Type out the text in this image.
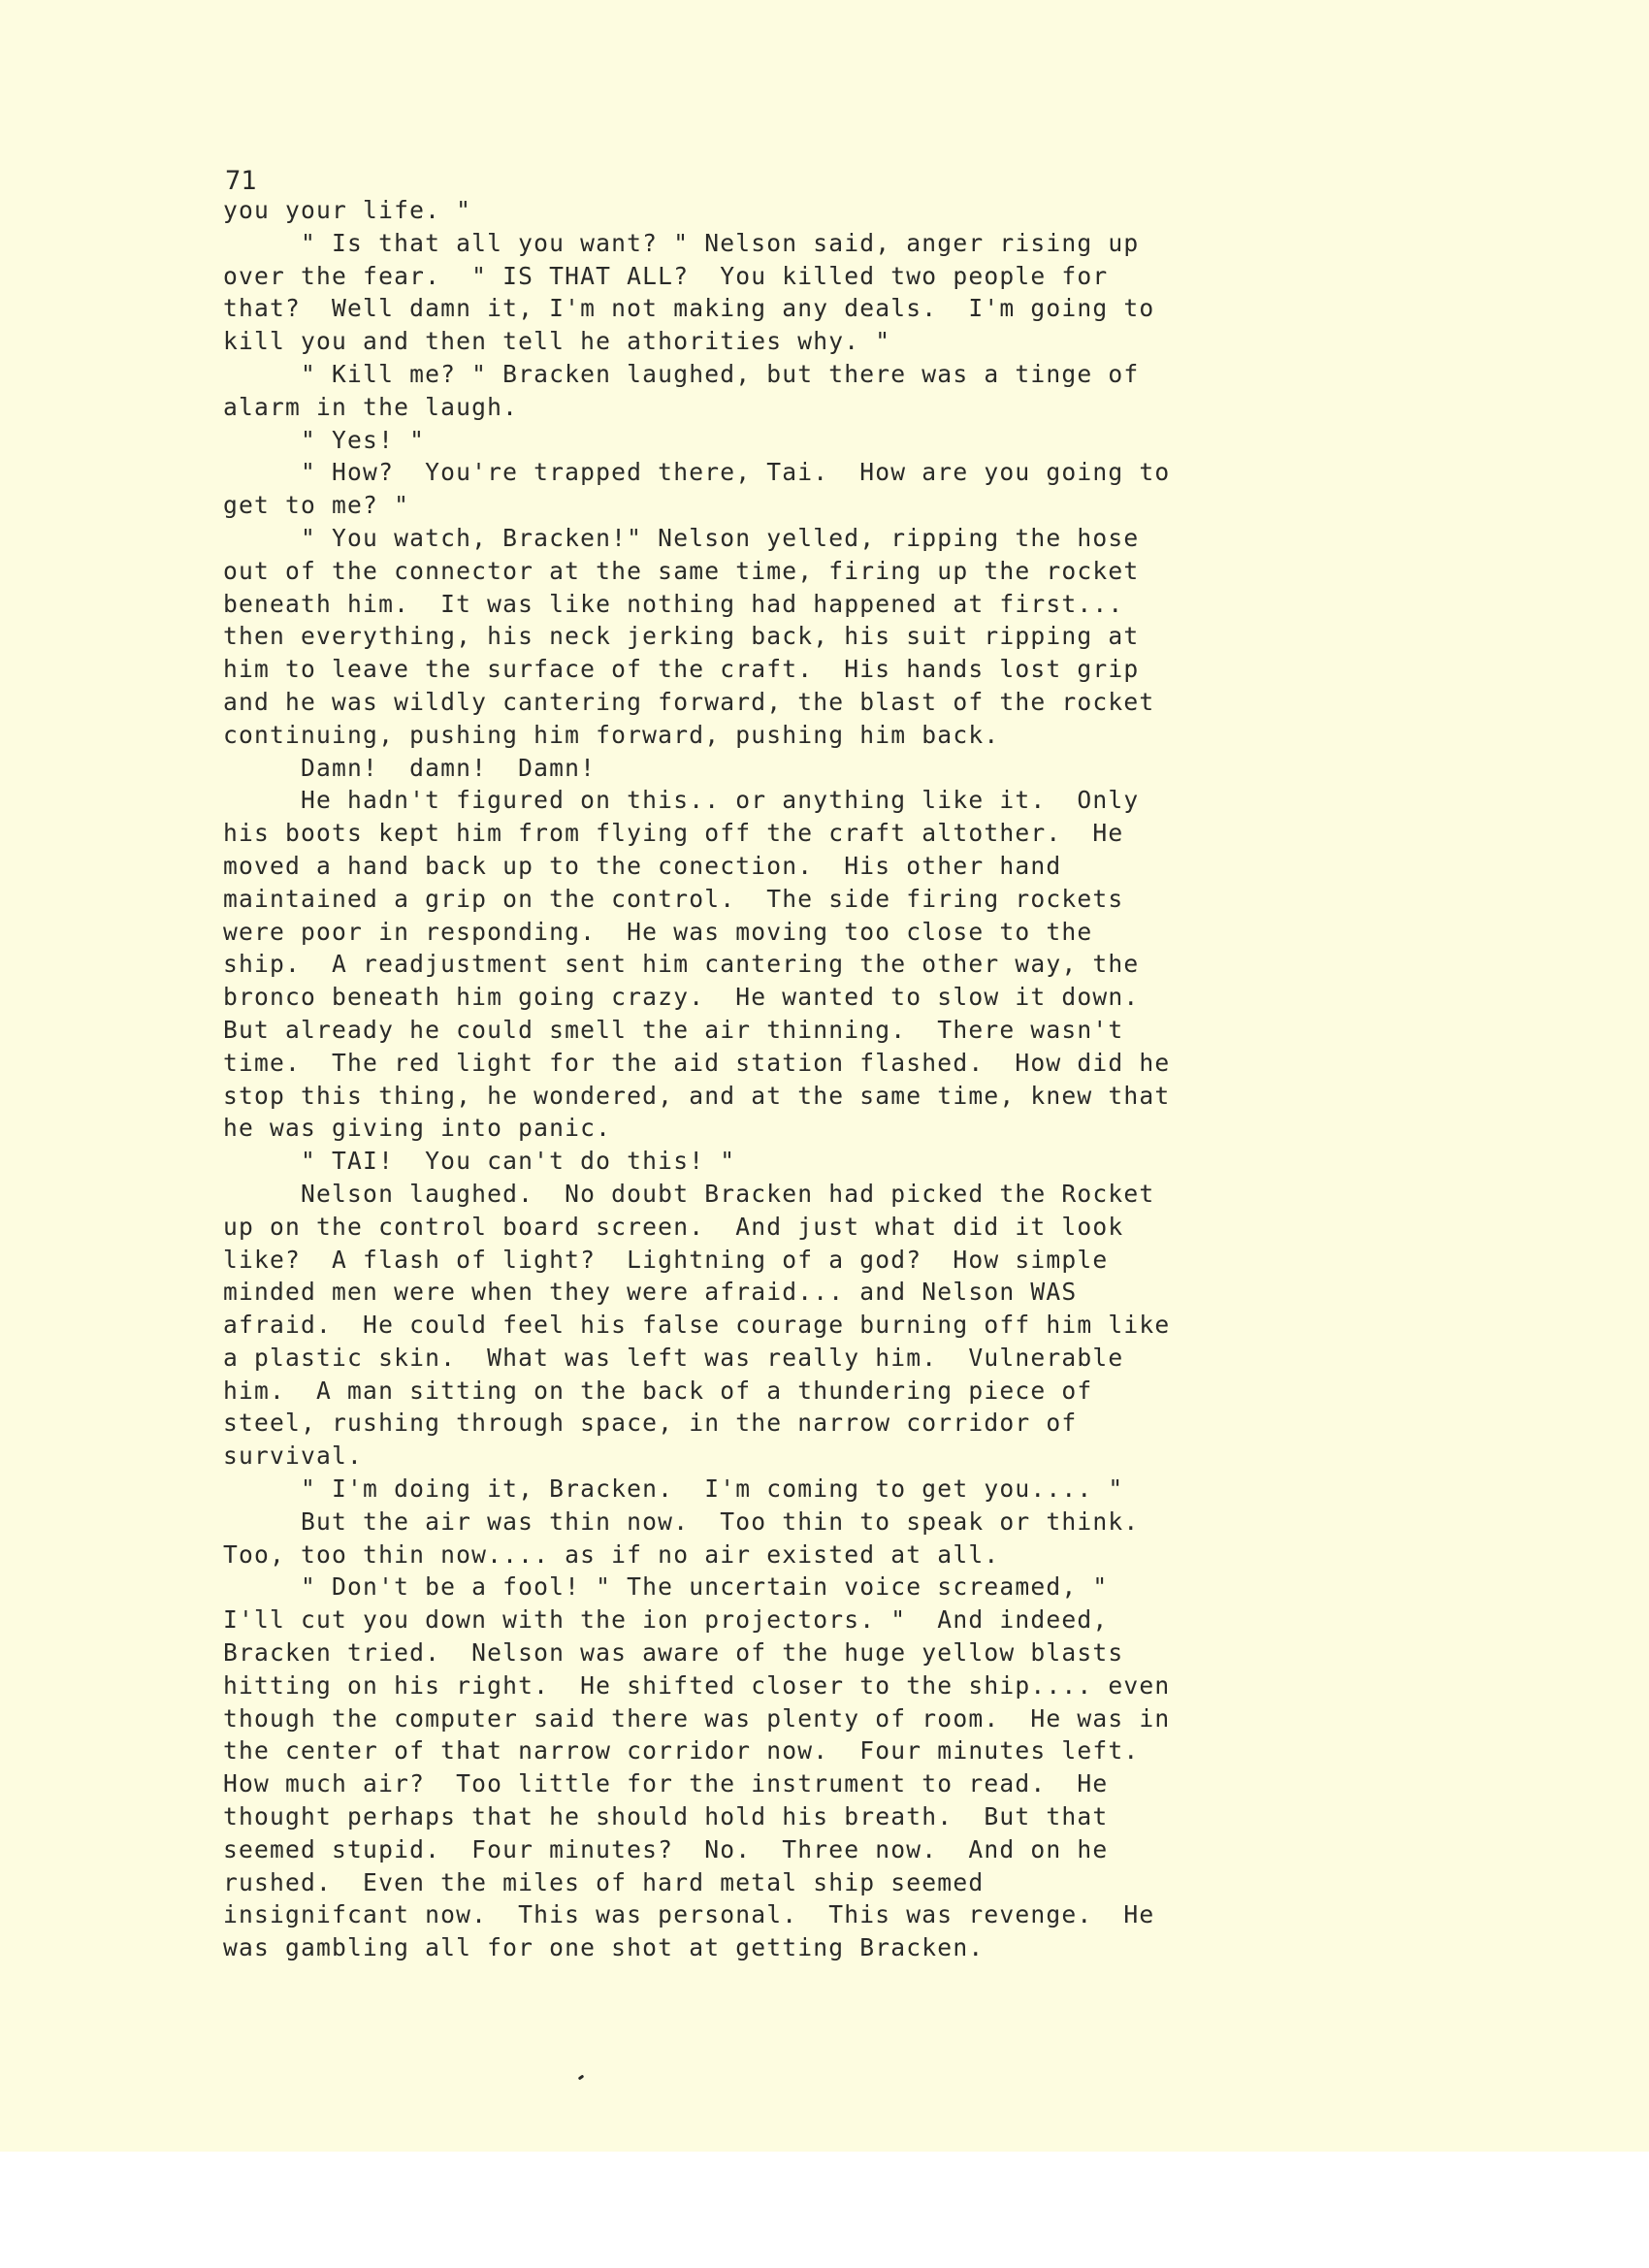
71

you your life. "
" Is that all you want? " Nelson said, anger rising up
over the fear.  " IS THAT ALL?  You killed two people for
that?  Well damn it, I'm not making any deals.  I'm going to
kill you and then tell he athorities why. "
" Kill me? " Bracken laughed, but there was a tinge of
alarm in the laugh.
" Yes! "
" How?  You're trapped there, Tai.  How are you going to
get to me? "
" You watch, Bracken!" Nelson yelled, ripping the hose
out of the connector at the same time, firing up the rocket
beneath him.  It was like nothing had happened at first...
then everything, his neck jerking back, his suit ripping at
him to leave the surface of the craft.  His hands lost grip
and he was wildly cantering forward, the blast of the rocket
continuing, pushing him forward, pushing him back.
Damn!  damn!  Damn!
He hadn't figured on this.. or anything like it.  Only
his boots kept him from flying off the craft altother.  He
moved a hand back up to the conection.  His other hand
maintained a grip on the control.  The side firing rockets
were poor in responding.  He was moving too close to the
ship.  A readjustment sent him cantering the other way, the
bronco beneath him going crazy.  He wanted to slow it down.
But already he could smell the air thinning.  There wasn't
time.  The red light for the aid station flashed.  How did he
stop this thing, he wondered, and at the same time, knew that
he was giving into panic.
" TAI!  You can't do this! "
Nelson laughed.  No doubt Bracken had picked the Rocket
up on the control board screen.  And just what did it look
like?  A flash of light?  Lightning of a god?  How simple
minded men were when they were afraid... and Nelson WAS
afraid.  He could feel his false courage burning off him like
a plastic skin.  What was left was really him.  Vulnerable
him.  A man sitting on the back of a thundering piece of
steel, rushing through space, in the narrow corridor of
survival.
" I'm doing it, Bracken.  I'm coming to get you.... "
But the air was thin now.  Too thin to speak or think.
Too, too thin now.... as if no air existed at all.
" Don't be a fool! " The uncertain voice screamed, "
I'll cut you down with the ion projectors. "  And indeed,
Bracken tried.  Nelson was aware of the huge yellow blasts
hitting on his right.  He shifted closer to the ship.... even
though the computer said there was plenty of room.  He was in
the center of that narrow corridor now.  Four minutes left.
How much air?  Too little for the instrument to read.  He
thought perhaps that he should hold his breath.  But that
seemed stupid.  Four minutes?  No.  Three now.  And on he
rushed.  Even the miles of hard metal ship seemed
insignifcant now.  This was personal.  This was revenge.  He
was gambling all for one shot at getting Bracken.
